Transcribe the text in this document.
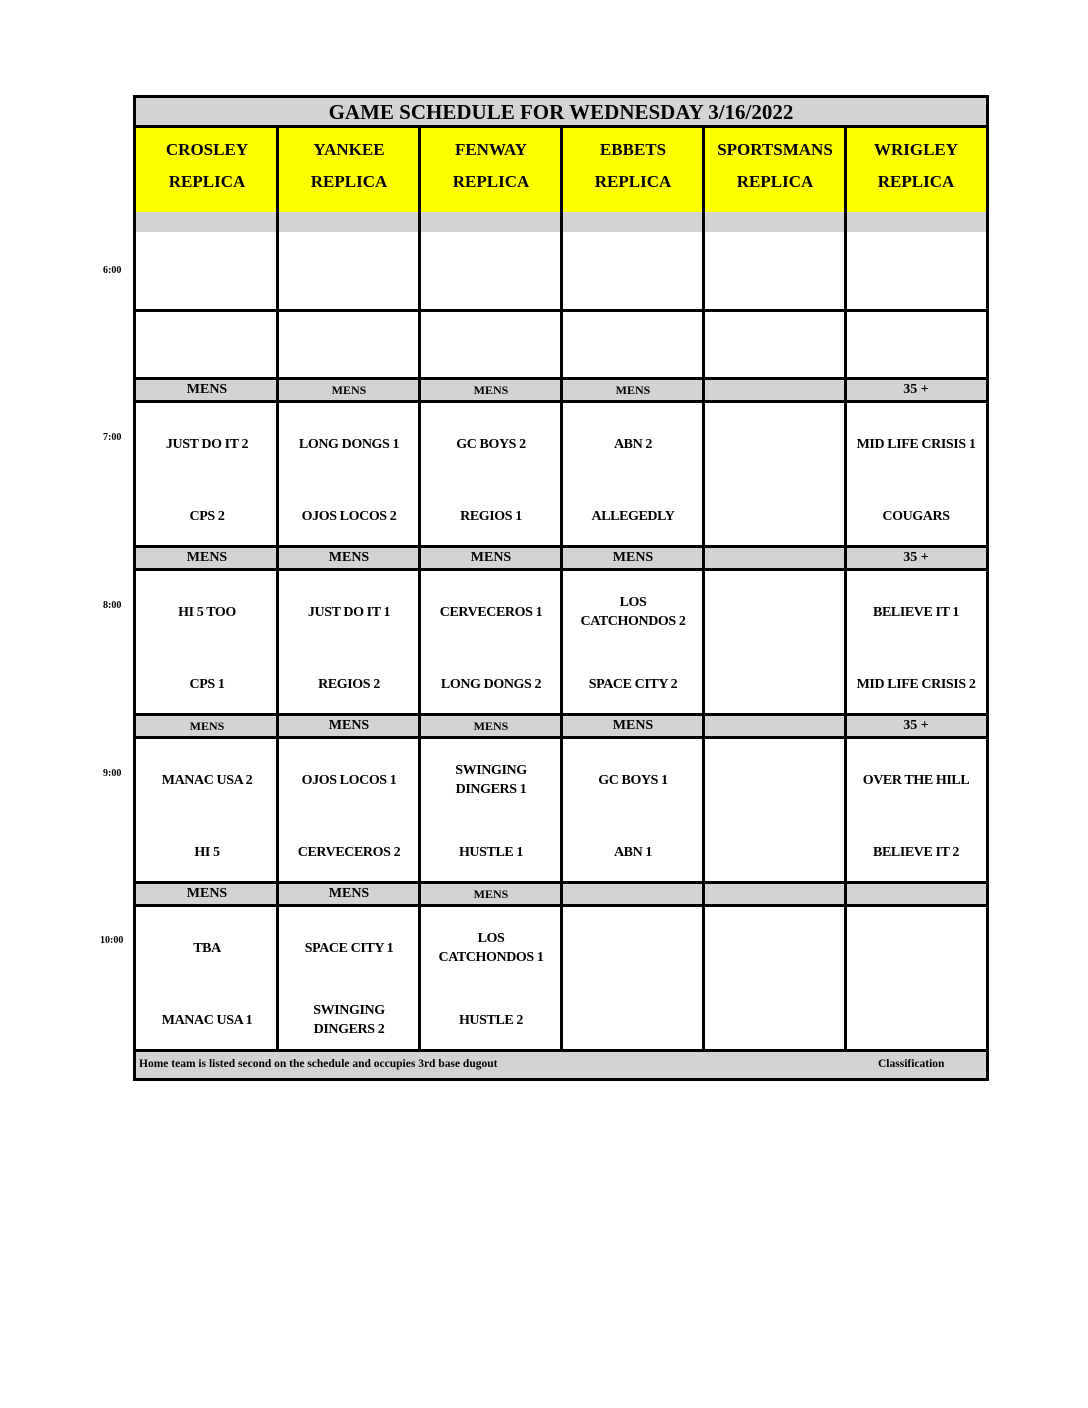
6:00
7:00
8:00
9:00
10:00
GAME SCHEDULE FOR WEDNESDAY 3/16/2022
Home team is listed second on the schedule and occupies 3rd base dugout	Classification
CROSLEY
REPLICA
YANKEE
REPLICA
FENWAY
REPLICA
EBBETS
REPLICA
SPORTSMANS
REPLICA
WRIGLEY
REPLICA
MENS
JUST DO IT 2
CPS 2
MENS
LONG DONGS 1
OJOS LOCOS 2
MENS
GC BOYS 2
REGIOS 1
MENS
ABN 2
ALLEGEDLY
35 +
MID LIFE CRISIS 1
COUGARS
MENS
HI 5 TOO
CPS 1
MENS
JUST DO IT 1
REGIOS 2
MENS
CERVECEROS 1
LONG DONGS 2
MENS
LOS CATCHONDOS 2
SPACE CITY 2
35 +
BELIEVE IT 1
MID LIFE CRISIS 2
MENS
MANAC USA 2
HI 5
MENS
OJOS LOCOS 1
CERVECEROS 2
MENS
SWINGING DINGERS 1
HUSTLE 1
MENS
GC BOYS 1
ABN 1
35 +
OVER THE HILL
BELIEVE IT 2
MENS
TBA
MANAC USA 1
MENS
SPACE CITY 1
SWINGING DINGERS 2
MENS
LOS CATCHONDOS 1
HUSTLE 2
